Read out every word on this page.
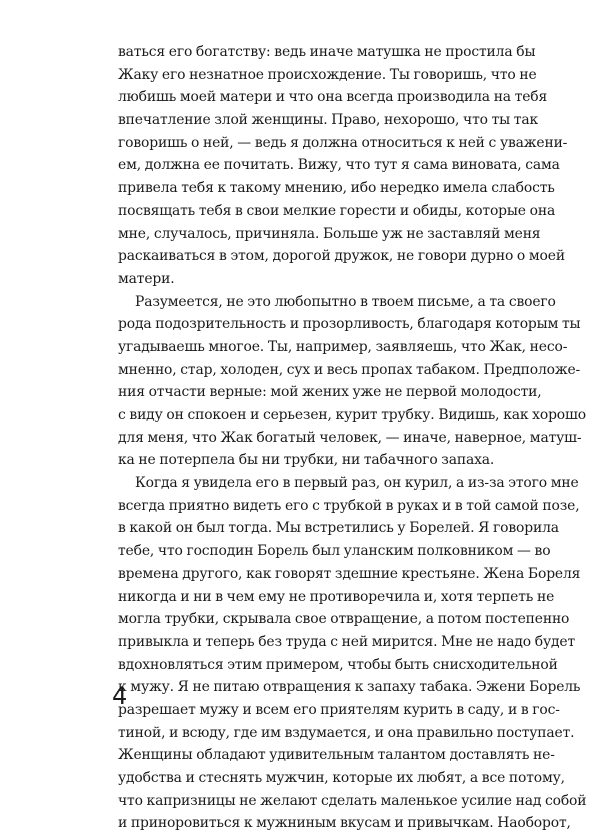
ваться его богатству: ведь иначе матушка не простила бы
Жаку его незнатное происхождение. Ты говоришь, что не
любишь моей матери и что она всегда производила на тебя
впечатление злой женщины. Право, нехорошо, что ты так
говоришь о ней, — ведь я должна относиться к ней с уважени-
ем, должна ее почитать. Вижу, что тут я сама виновата, сама
привела тебя к такому мнению, ибо нередко имела слабость
посвящать тебя в свои мелкие горести и обиды, которые она
мне, случалось, причиняла. Больше уж не заставляй меня
раскаиваться в этом, дорогой дружок, не говори дурно о моей
матери.
Разумеется, не это любопытно в твоем письме, а та своего
рода подозрительность и прозорливость, благодаря которым ты
угадываешь многое. Ты, например, заявляешь, что Жак, несо-
мненно, стар, холоден, сух и весь пропах табаком. Предположе-
ния отчасти верные: мой жених уже не первой молодости,
с виду он спокоен и серьезен, курит трубку. Видишь, как хорошо
для меня, что Жак богатый человек, — иначе, наверное, матуш-
ка не потерпела бы ни трубки, ни табачного запаха.
Когда я увидела его в первый раз, он курил, а из-за этого мне
всегда приятно видеть его с трубкой в руках и в той самой позе,
в какой он был тогда. Мы встретились у Борелей. Я говорила
тебе, что господин Борель был уланским полковником — во
времена другого, как говорят здешние крестьяне. Жена Бореля
никогда и ни в чем ему не противоречила и, хотя терпеть не
могла трубки, скрывала свое отвращение, а потом постепенно
привыкла и теперь без труда с ней мирится. Мне не надо будет
вдохновляться этим примером, чтобы быть снисходительной
к мужу. Я не питаю отвращения к запаху табака. Эжени Борель
разрешает мужу и всем его приятелям курить в саду, и в гос-
тиной, и всюду, где им вздумается, и она правильно поступает.
Женщины обладают удивительным талантом доставлять не-
удобства и стеснять мужчин, которые их любят, а все потому,
что капризницы не желают сделать маленькое усилие над собой
и приноровиться к мужниным вкусам и привычкам. Наоборот,
4
